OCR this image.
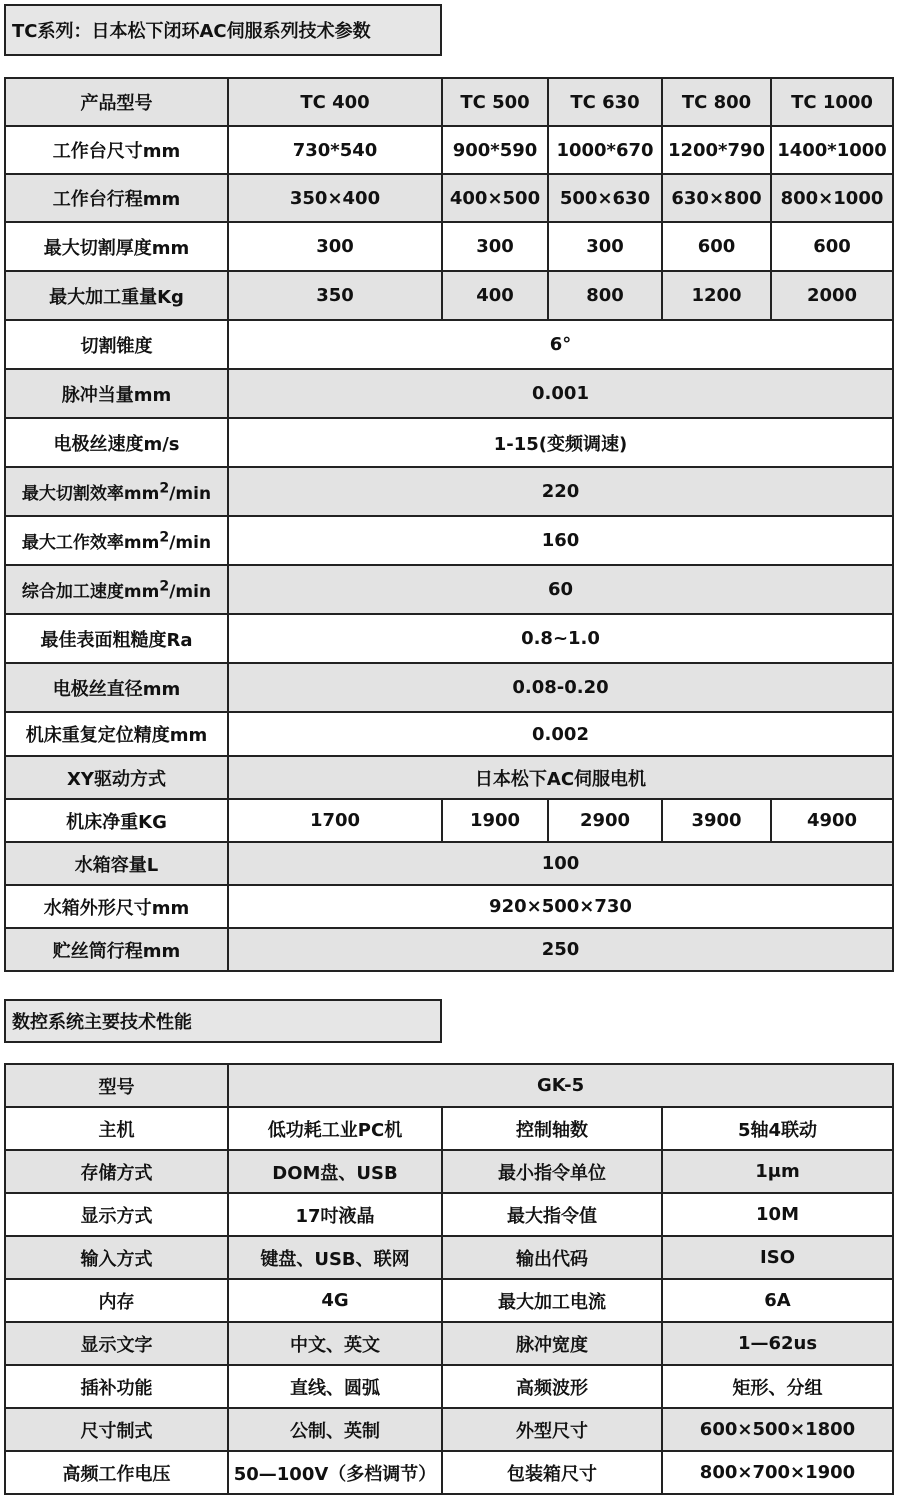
TC系列：日本松下闭环AC伺服系列技术参数
产品型号	TC 400	TC 500	TC 630	TC 800	TC 1000
工作台尺寸mm	730*540	900*590	1000*670	1200*790	1400*1000
工作台行程mm	350×400	400×500	500×630	630×800	800×1000
最大切割厚度mm	300	300	300	600	600
最大加工重量Kg	350	400	800	1200	2000
切割锥度	6°				
脉冲当量mm	0.001				
电极丝速度m/s	1-15(变频调速)				
最大切割效率$mm^2/\min$	220				
最大工作效率$mm^2/\min$	160				
综合加工速度$mm^2/\min$	60				
最佳表面粗糙度Ra	0.8~1.0				
电极丝直径mm	0.08-0.20				
机床重复定位精度mm	0.002				
XY驱动方式	日本松下AC伺服电机				
机床净重KG	1700	1900	2900	3900	4900
水箱容量L	100				
水箱外形尺寸mm	920×500×730				
贮丝筒行程mm	250				
数控系统主要技术性能
型号	GK-5		
主机	低功耗工业PC机	控制轴数	5轴4联动
存储方式	DOM盘、USB	最小指令单位	1μm
显示方式	17吋液晶	最大指令值	10M
输入方式	键盘、USB、联网	输出代码	ISO
内存	4G	最大加工电流	6A
显示文字	中文、英文	脉冲宽度	1—62us
插补功能	直线、圆弧	高频波形	矩形、分组
尺寸制式	公制、英制	外型尺寸	600×500×1800
高频工作电压	50—100V（多档调节）	包装箱尺寸	800×700×1900
